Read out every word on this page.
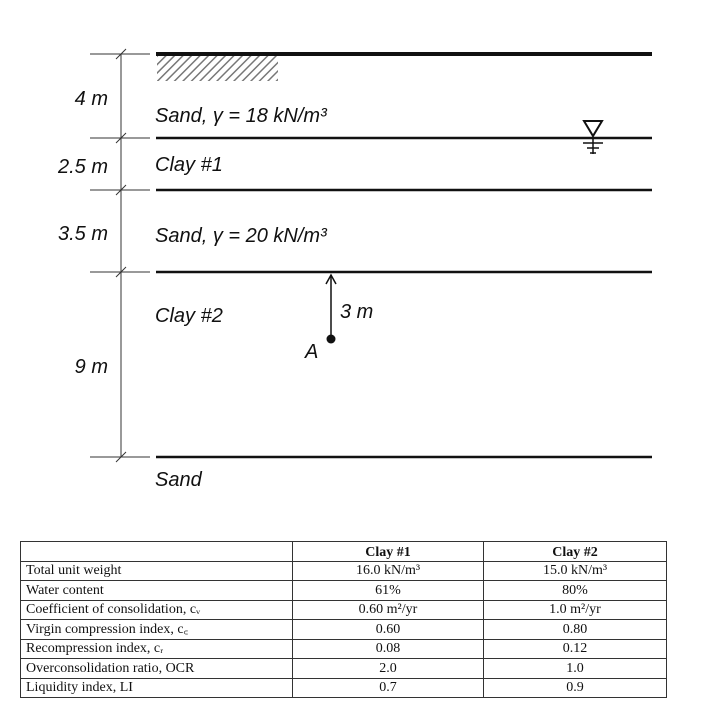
4 m
2.5 m
3.5 m
9 m
Sand, γ = 18 kN/m³
Clay #1
Sand, γ = 20 kN/m³
Clay #2
Sand
A
3 m
	Clay #1	Clay #2
Total unit weight	16.0 kN/m³	15.0 kN/m³
Water content	61%	80%
Coefficient of consolidation, cᵥ	0.60 m²/yr	1.0 m²/yr
Virgin compression index, c꜀	0.60	0.80
Recompression index, cᵣ	0.08	0.12
Overconsolidation ratio, OCR	2.0	1.0
Liquidity index, LI	0.7	0.9
